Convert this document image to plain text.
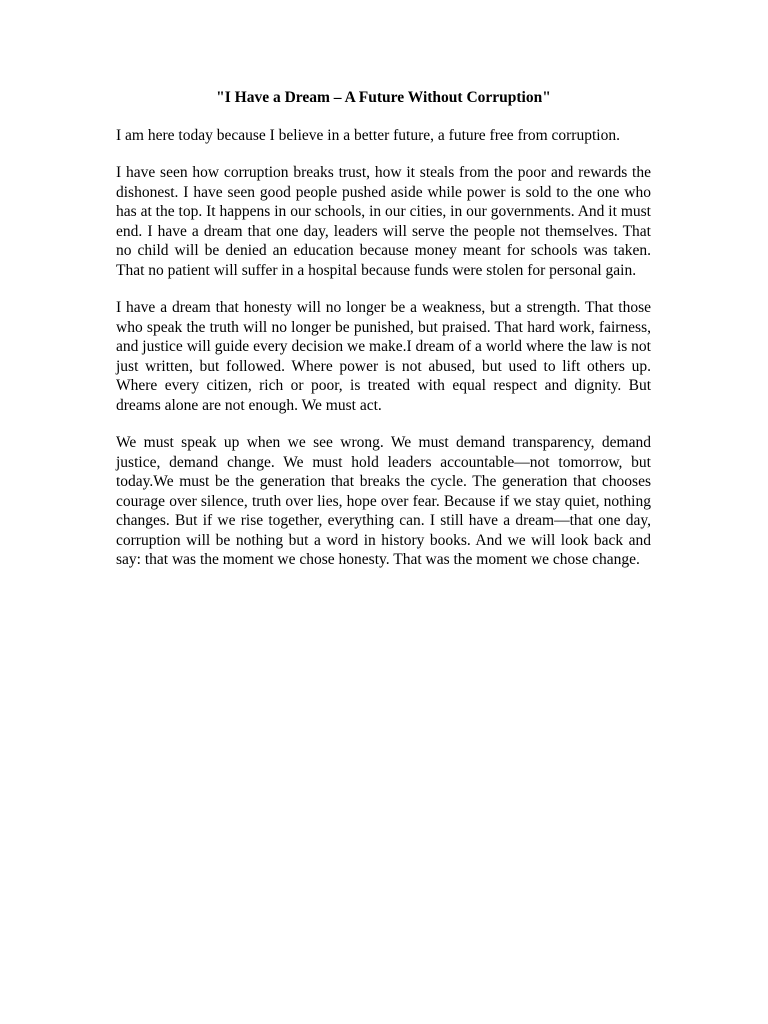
"I Have a Dream – A Future Without Corruption"

I am here today because I believe in a better future, a future free from corruption.

I have seen how corruption breaks trust, how it steals from the poor and rewards the dishonest. I have seen good people pushed aside while power is sold to the one who has at the top. It happens in our schools, in our cities, in our governments. And it must end. I have a dream that one day, leaders will serve the people not themselves. That no child will be denied an education because money meant for schools was taken. That no patient will suffer in a hospital because funds were stolen for personal gain.

I have a dream that honesty will no longer be a weakness, but a strength. That those who speak the truth will no longer be punished, but praised. That hard work, fairness, and justice will guide every decision we make.I dream of a world where the law is not just written, but followed. Where power is not abused, but used to lift others up. Where every citizen, rich or poor, is treated with equal respect and dignity. But dreams alone are not enough. We must act.

We must speak up when we see wrong. We must demand transparency, demand justice, demand change. We must hold leaders accountable—not tomorrow, but today.We must be the generation that breaks the cycle. The generation that chooses courage over silence, truth over lies, hope over fear. Because if we stay quiet, nothing changes. But if we rise together, everything can. I still have a dream—that one day, corruption will be nothing but a word in history books. And we will look back and say: that was the moment we chose honesty. That was the moment we chose change.
